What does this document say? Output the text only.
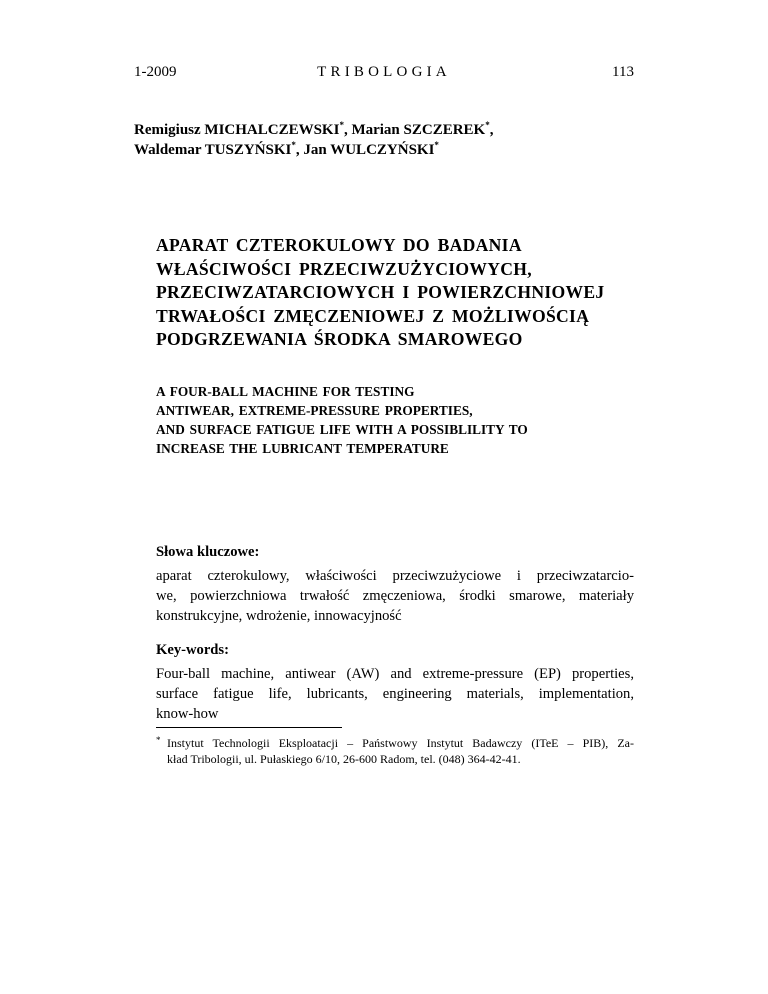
1-2009	TRIBOLOGIA	113
Remigiusz MICHALCZEWSKI*, Marian SZCZEREK*,
Waldemar TUSZYŃSKI*, Jan WULCZYŃSKI*
APARAT CZTEROKULOWY DO BADANIA
WŁAŚCIWOŚCI PRZECIWZUŻYCIOWYCH,
PRZECIWZATARCIOWYCH I POWIERZCHNIOWEJ
TRWAŁOŚCI ZMĘCZENIOWEJ Z MOŻLIWOŚCIĄ
PODGRZEWANIA ŚRODKA SMAROWEGO
A FOUR-BALL MACHINE FOR TESTING
ANTIWEAR, EXTREME-PRESSURE PROPERTIES,
AND SURFACE FATIGUE LIFE WITH A POSSIBLILITY TO
INCREASE THE LUBRICANT TEMPERATURE
Słowa kluczowe:
aparat czterokulowy, właściwości przeciwzużyciowe i przeciwzatarcio-
we, powierzchniowa trwałość zmęczeniowa, środki smarowe, materiały
konstrukcyjne, wdrożenie, innowacyjność
Key-words:
Four-ball machine, antiwear (AW) and extreme-pressure (EP) properties,
surface fatigue life, lubricants, engineering materials, implementation,
know-how
* Instytut Technologii Eksploatacji – Państwowy Instytut Badawczy (ITeE – PIB), Za-
kład Tribologii, ul. Pułaskiego 6/10, 26-600 Radom, tel. (048) 364-42-41.
